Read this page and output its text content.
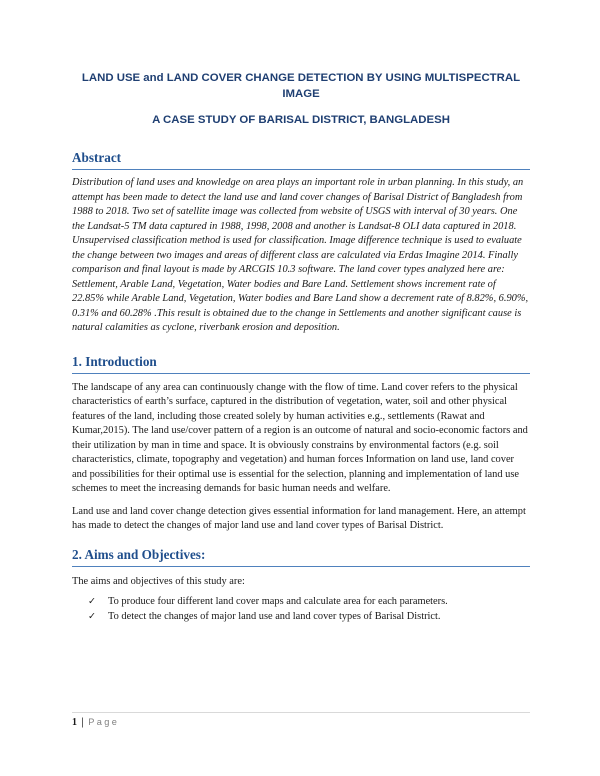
LAND USE and LAND COVER CHANGE DETECTION BY USING MULTISPECTRAL IMAGE
A CASE STUDY OF BARISAL DISTRICT, BANGLADESH
Abstract

Distribution of land uses and knowledge on area plays an important role in urban planning. In this study, an attempt has been made to detect the land use and land cover changes of Barisal District of Bangladesh from 1988 to 2018. Two set of satellite image was collected from website of USGS with interval of 30 years. One the Landsat-5 TM data captured in 1988, 1998, 2008 and another is Landsat-8 OLI data captured in 2018. Unsupervised classification method is used for classification. Image difference technique is used to evaluate the change between two images and areas of different class are calculated via Erdas Imagine 2014. Finally comparison and final layout is made by ARCGIS 10.3 software. The land cover types analyzed here are: Settlement, Arable Land, Vegetation, Water bodies and Bare Land. Settlement shows increment rate of 22.85% while Arable Land, Vegetation, Water bodies and Bare Land show a decrement rate of 8.82%, 6.90%, 0.31% and 60.28% .This result is obtained due to the change in Settlements and another significant cause is natural calamities as cyclone, riverbank erosion and deposition.

1. Introduction

The landscape of any area can continuously change with the flow of time. Land cover refers to the physical characteristics of earth’s surface, captured in the distribution of vegetation, water, soil and other physical features of the land, including those created solely by human activities e.g., settlements (Rawat and Kumar,2015). The land use/cover pattern of a region is an outcome of natural and socio-economic factors and their utilization by man in time and space. It is obviously constrains by environmental factors (e.g. soil characteristics, climate, topography and vegetation) and human forces Information on land use, land cover and possibilities for their optimal use is essential for the selection, planning and implementation of land use schemes to meet the increasing demands for basic human needs and welfare.

Land use and land cover change detection gives essential information for land management. Here, an attempt has made to detect the changes of major land use and land cover types of Barisal District.

2. Aims and Objectives:

The aims and objectives of this study are:

✓ To produce four different land cover maps and calculate area for each parameters.
✓ To detect the changes of major land use and land cover types of Barisal District.
1 | Page
